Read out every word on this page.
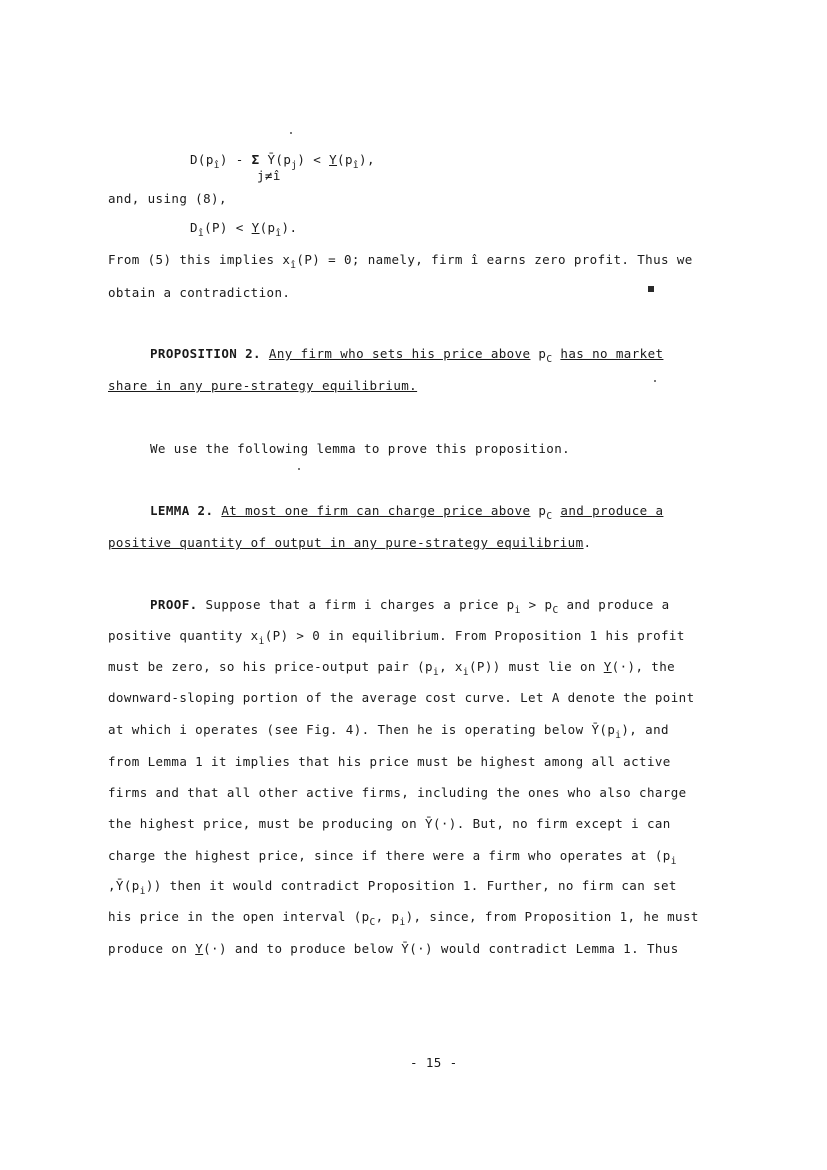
$D(p_î)$ - Σ $Ȳ(p_j) < Y(p_î)$,
j≠î
and, using (8),
$D_î(P) < Y(p_î)$.
From (5) this implies $x_î(P) = 0$; namely, firm î earns zero profit. Thus we
obtain a contradiction.
PROPOSITION 2. Any firm who sets his price above $p_C$ has no market
share in any pure-strategy equilibrium.
We use the following lemma to prove this proposition.
LEMMA 2. At most one firm can charge price above $p_C$ and produce a
positive quantity of output in any pure-strategy equilibrium.
PROOF. Suppose that a firm i charges a price $p_i > p_C$ and produce a
positive quantity $x_i(P) > 0$ in equilibrium. From Proposition 1 his profit
must be zero, so his price-output pair ($p_i$, $x_i(P)$) must lie on Y(·), the
downward-sloping portion of the average cost curve. Let A denote the point
at which i operates (see Fig. 4). Then he is operating below $Ȳ(p_i)$, and
from Lemma 1 it implies that his price must be highest among all active
firms and that all other active firms, including the ones who also charge
the highest price, must be producing on Ȳ(·). But, no firm except i can
charge the highest price, since if there were a firm who operates at ($p_i$
$,Ȳ(p_i)$) then it would contradict Proposition 1. Further, no firm can set
his price in the open interval ($p_C$, $p_i$), since, from Proposition 1, he must
produce on Y(·) and to produce below Ȳ(·) would contradict Lemma 1. Thus
- 15 -
